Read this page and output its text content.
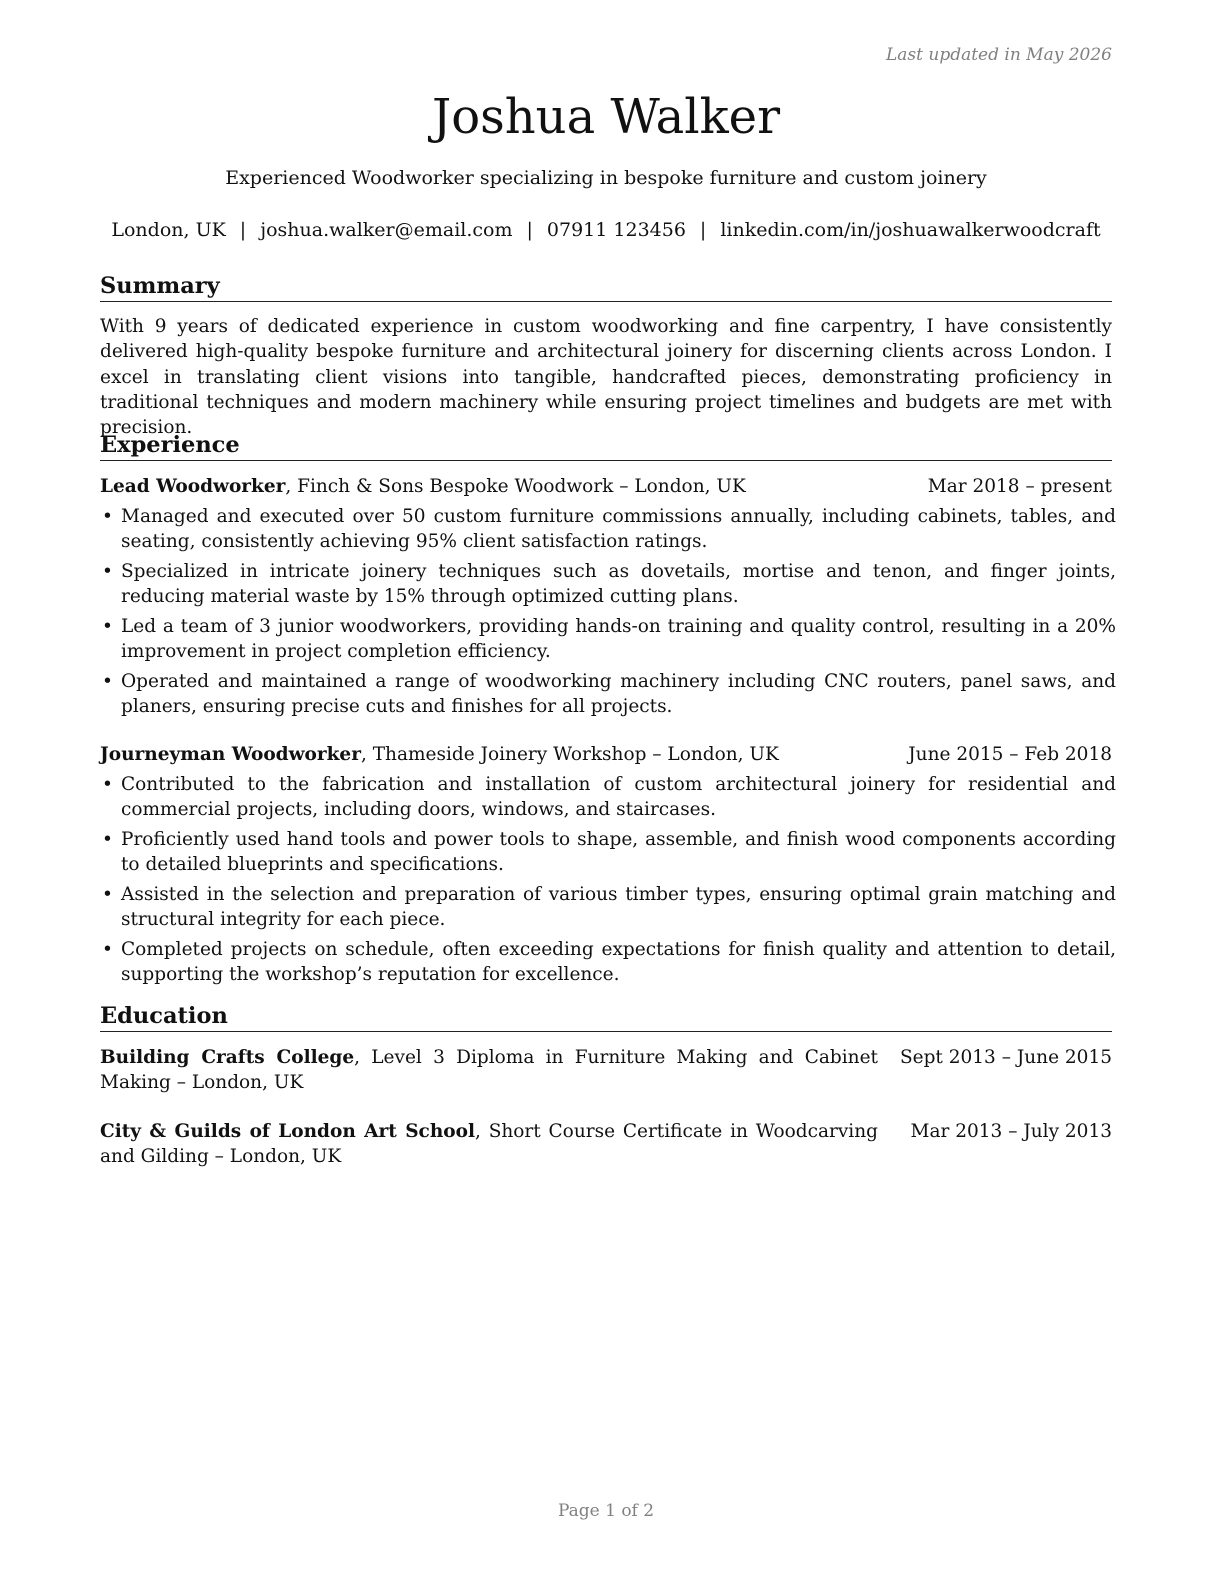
Last updated in May 2026
Joshua Walker
Experienced Woodworker specializing in bespoke furniture and custom joinery
London, UK | joshua.walker@email.com | 07911 123456 | linkedin.com/in/joshuawalkerwoodcraft
Summary
With 9 years of dedicated experience in custom woodworking and fine carpentry, I have consistently delivered high-quality bespoke furniture and architectural joinery for discerning clients across London. I excel in translating client visions into tangible, handcrafted pieces, demonstrating proficiency in traditional techniques and modern machinery while ensuring project timelines and budgets are met with precision.
Experience
Lead Woodworker, Finch & Sons Bespoke Woodwork – London, UK	Mar 2018 – present
• Managed and executed over 50 custom furniture commissions annually, including cabinets, tables, and seating, consistently achieving 95% client satisfaction ratings.
• Specialized in intricate joinery techniques such as dovetails, mortise and tenon, and finger joints, reducing material waste by 15% through optimized cutting plans.
• Led a team of 3 junior woodworkers, providing hands-on training and quality control, resulting in a 20% improvement in project completion efficiency.
• Operated and maintained a range of woodworking machinery including CNC routers, panel saws, and planers, ensuring precise cuts and finishes for all projects.
Journeyman Woodworker, Thameside Joinery Workshop – London, UK	June 2015 – Feb 2018
• Contributed to the fabrication and installation of custom architectural joinery for residential and commercial projects, including doors, windows, and staircases.
• Proficiently used hand tools and power tools to shape, assemble, and finish wood components according to detailed blueprints and specifications.
• Assisted in the selection and preparation of various timber types, ensuring optimal grain matching and structural integrity for each piece.
• Completed projects on schedule, often exceeding expectations for finish quality and attention to detail, supporting the workshop’s reputation for excellence.
Education
Building Crafts College, Level 3 Diploma in Furniture Making and Cabinet Making – London, UK
Sept 2013 – June 2015
City & Guilds of London Art School, Short Course Certificate in Woodcarving and Gilding – London, UK
Mar 2013 – July 2013
Page 1 of 2
